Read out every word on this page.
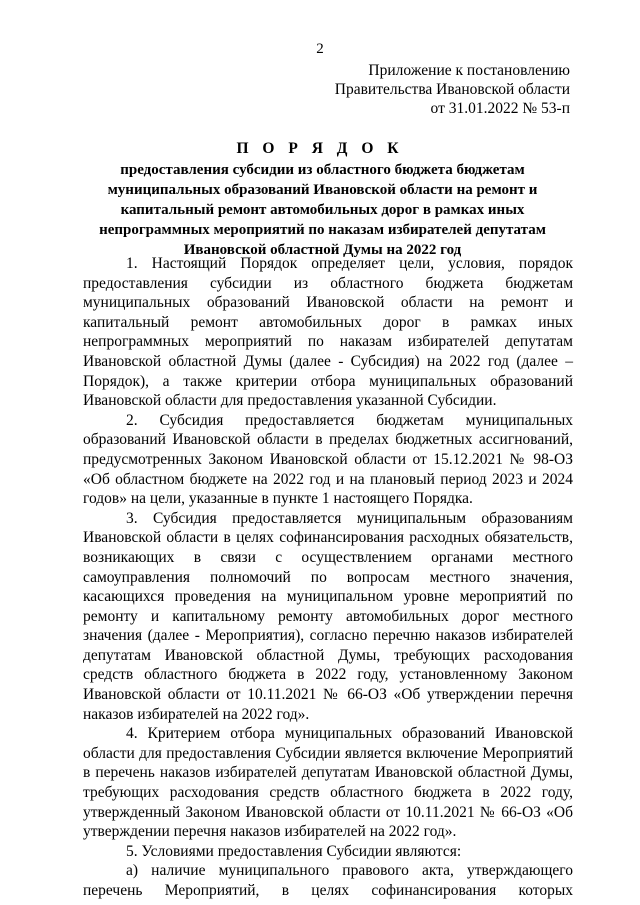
2
Приложение к постановлению
Правительства Ивановской области
от 31.01.2022 № 53-п
П О Р Я Д О К
предоставления субсидии из областного бюджета бюджетам
муниципальных образований Ивановской области на ремонт и
капитальный ремонт автомобильных дорог в рамках иных
непрограммных мероприятий по наказам избирателей депутатам
Ивановской областной Думы на 2022 год

1. Настоящий Порядок определяет цели, условия, порядок предоставления субсидии из областного бюджета бюджетам муниципальных образований Ивановской области на ремонт и капитальный ремонт автомобильных дорог в рамках иных непрограммных мероприятий по наказам избирателей депутатам Ивановской областной Думы (далее - Субсидия) на 2022 год (далее – Порядок), а также критерии отбора муниципальных образований Ивановской области для предоставления указанной Субсидии.

2. Субсидия предоставляется бюджетам муниципальных образований Ивановской области в пределах бюджетных ассигнований, предусмотренных Законом Ивановской области от 15.12.2021 № 98-ОЗ «Об областном бюджете на 2022 год и на плановый период 2023 и 2024 годов» на цели, указанные в пункте 1 настоящего Порядка.

3. Субсидия предоставляется муниципальным образованиям Ивановской области в целях софинансирования расходных обязательств, возникающих в связи с осуществлением органами местного самоуправления полномочий по вопросам местного значения, касающихся проведения на муниципальном уровне мероприятий по ремонту и капитальному ремонту автомобильных дорог местного значения (далее - Мероприятия), согласно перечню наказов избирателей депутатам Ивановской областной Думы, требующих расходования средств областного бюджета в 2022 году, установленному Законом Ивановской области от 10.11.2021 № 66-ОЗ «Об утверждении перечня наказов избирателей на 2022 год».

4. Критерием отбора муниципальных образований Ивановской области для предоставления Субсидии является включение Мероприятий в перечень наказов избирателей депутатам Ивановской областной Думы, требующих расходования средств областного бюджета в 2022 году, утвержденный Законом Ивановской области от 10.11.2021 № 66-ОЗ «Об утверждении перечня наказов избирателей на 2022 год».

5. Условиями предоставления Субсидии являются:

а) наличие муниципального правового акта, утверждающего перечень Мероприятий, в целях софинансирования которых
